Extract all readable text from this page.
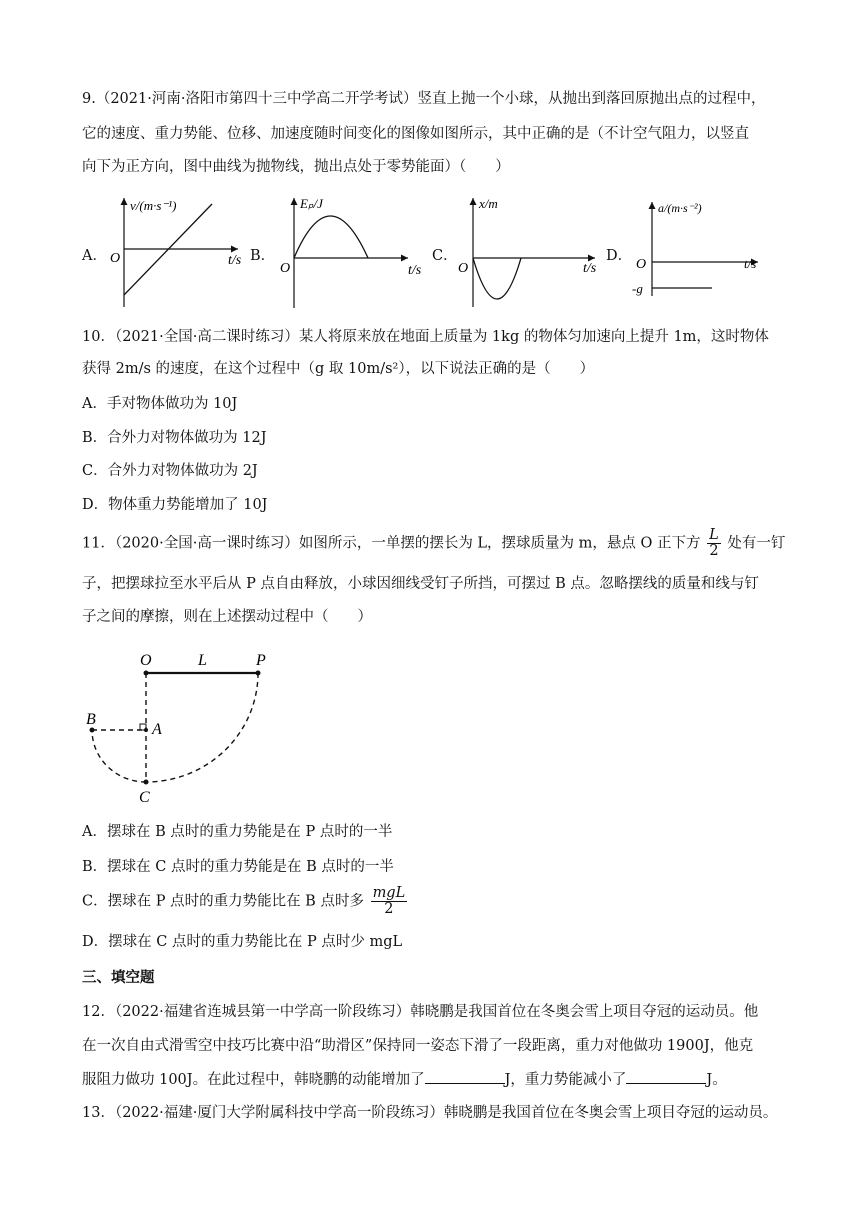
9.（2021·河南·洛阳市第四十三中学高二开学考试）竖直上抛一个小球，从抛出到落回原抛出点的过程中，
它的速度、重力势能、位移、加速度随时间变化的图像如图所示，其中正确的是（不计空气阻力，以竖直
向下为正方向，图中曲线为抛物线，抛出点处于零势能面）（　　）
A．
v/(m·s⁻¹)
O	t/s B．
Eₚ/J
O	t/s
C．
x/m
O	t/s
D．
a/(m·s⁻²)
O	t/s
-g
10．（2021·全国·高二课时练习）某人将原来放在地面上质量为 1kg 的物体匀加速向上提升 1m，这时物体
获得 2m/s 的速度，在这个过程中（g 取 10m/s²），以下说法正确的是（　　）
A．手对物体做功为 10J
B．合外力对物体做功为 12J
C．合外力对物体做功为 2J
D．物体重力势能增加了 10J
11．（2020·全国·高一课时练习）如图所示，一单摆的摆长为 L，摆球质量为 m，悬点 O 正下方 $\frac{L}{2}$ 处有一钉
子，把摆球拉至水平后从 P 点自由释放，小球因细线受钉子所挡，可摆过 B 点。忽略摆线的质量和线与钉
子之间的摩擦，则在上述摆动过程中（　　）
O	L	P
B
A
C
A．摆球在 B 点时的重力势能是在 P 点时的一半
B．摆球在 C 点时的重力势能是在 B 点时的一半
C．摆球在 P 点时的重力势能比在 B 点时多 $\frac{\text{mgL}}{2}$
D．摆球在 C 点时的重力势能比在 P 点时少 mgL
三、填空题
12．（2022·福建省连城县第一中学高一阶段练习）韩晓鹏是我国首位在冬奥会雪上项目夺冠的运动员。他
在一次自由式滑雪空中技巧比赛中沿“助滑区”保持同一姿态下滑了一段距离，重力对他做功 1900J，他克
服阻力做功 100J。在此过程中，韩晓鹏的动能增加了	J，重力势能减小了	J。
13．（2022·福建·厦门大学附属科技中学高一阶段练习）韩晓鹏是我国首位在冬奥会雪上项目夺冠的运动员。
